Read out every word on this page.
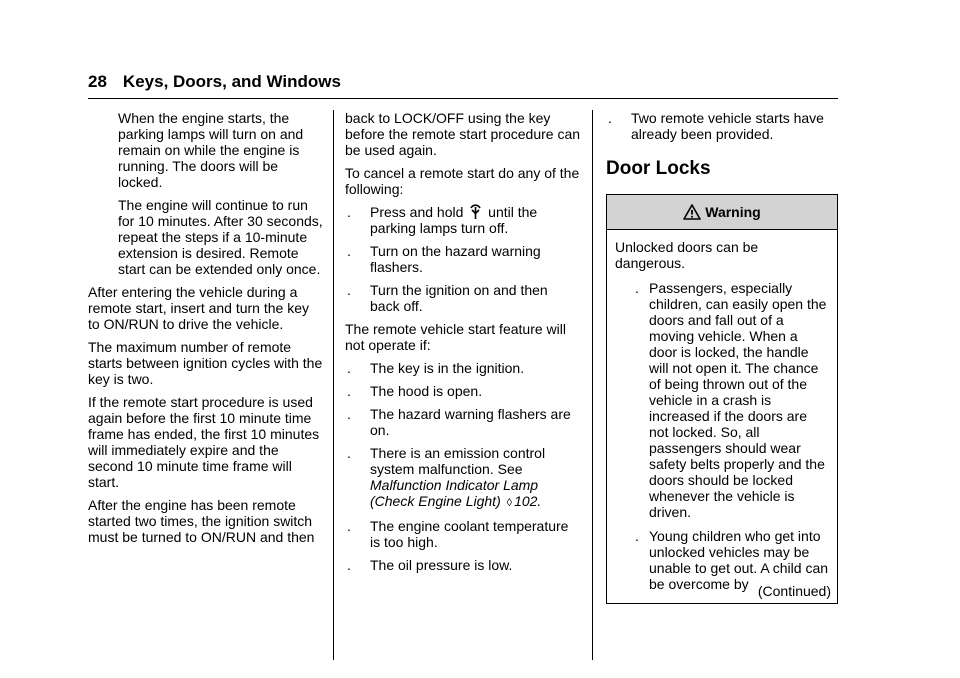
28 Keys, Doors, and Windows

When the engine starts, the parking lamps will turn on and remain on while the engine is running. The doors will be locked.

The engine will continue to run for 10 minutes. After 30 seconds, repeat the steps if a 10-minute extension is desired. Remote start can be extended only once.

After entering the vehicle during a remote start, insert and turn the key to ON/RUN to drive the vehicle.

The maximum number of remote starts between ignition cycles with the key is two.

If the remote start procedure is used again before the first 10 minute time frame has ended, the first 10 minutes will immediately expire and the second 10 minute time frame will start.

After the engine has been remote started two times, the ignition switch must be turned to ON/RUN and then

back to LOCK/OFF using the key before the remote start procedure can be used again.

To cancel a remote start do any of the following:

.	Press and hold  until the parking lamps turn off.
.	Turn on the hazard warning flashers.
.	Turn the ignition on and then back off.

The remote vehicle start feature will not operate if:

.	The key is in the ignition.
.	The hood is open.
.	The hazard warning flashers are on.
.	There is an emission control system malfunction. See Malfunction Indicator Lamp (Check Engine Light) ◊ 102.
.	The engine coolant temperature is too high.
.	The oil pressure is low.
.	Two remote vehicle starts have already been provided.
Door Locks
Warning

Unlocked doors can be dangerous.

. Passengers, especially children, can easily open the doors and fall out of a moving vehicle. When a door is locked, the handle will not open it. The chance of being thrown out of the vehicle in a crash is increased if the doors are not locked. So, all passengers should wear safety belts properly and the doors should be locked whenever the vehicle is driven.
. Young children who get into unlocked vehicles may be unable to get out. A child can be overcome by (Continued)
